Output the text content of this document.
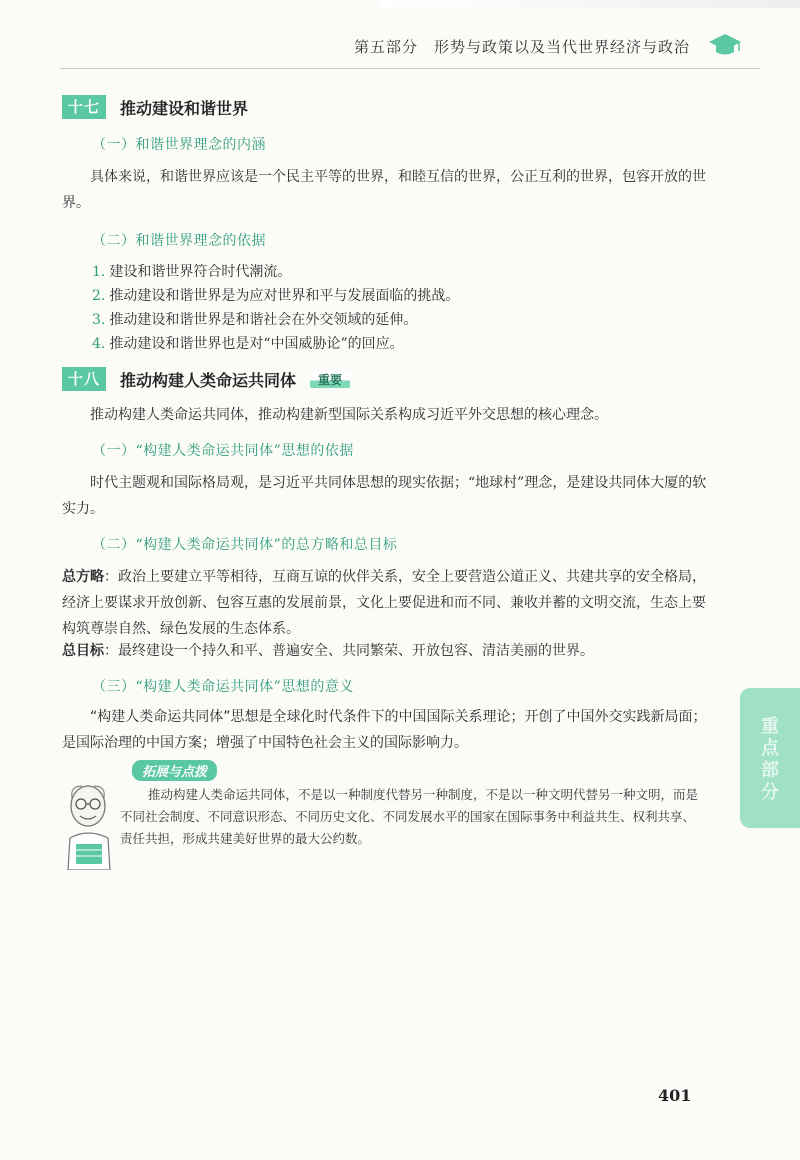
第五部分　形势与政策以及当代世界经济与政治
十七	推动建设和谐世界
（一）和谐世界理念的内涵

具体来说，和谐世界应该是一个民主平等的世界，和睦互信的世界，公正互利的世界，包容开放的世界。

（二）和谐世界理念的依据
1. 建设和谐世界符合时代潮流。
2. 推动建设和谐世界是为应对世界和平与发展面临的挑战。
3. 推动建设和谐世界是和谐社会在外交领域的延伸。
4. 推动建设和谐世界也是对“中国威胁论”的回应。
十八	推动构建人类命运共同体	重要

推动构建人类命运共同体，推动构建新型国际关系构成习近平外交思想的核心理念。

（一）“构建人类命运共同体”思想的依据

时代主题观和国际格局观，是习近平共同体思想的现实依据；“地球村”理念，是建设共同体大厦的软实力。

（二）“构建人类命运共同体”的总方略和总目标

总方略：政治上要建立平等相待，互商互谅的伙伴关系，安全上要营造公道正义、共建共享的安全格局，经济上要谋求开放创新、包容互惠的发展前景，文化上要促进和而不同、兼收并蓄的文明交流，生态上要构筑尊崇自然、绿色发展的生态体系。

总目标：最终建设一个持久和平、普遍安全、共同繁荣、开放包容、清洁美丽的世界。

（三）“构建人类命运共同体”思想的意义

“构建人类命运共同体”思想是全球化时代条件下的中国国际关系理论；开创了中国外交实践新局面；是国际治理的中国方案；增强了中国特色社会主义的国际影响力。

拓展与点拨

推动构建人类命运共同体，不是以一种制度代替另一种制度，不是以一种文明代替另一种文明，而是不同社会制度、不同意识形态、不同历史文化、不同发展水平的国家在国际事务中利益共生、权利共享、责任共担，形成共建美好世界的最大公约数。

重点部分
401
